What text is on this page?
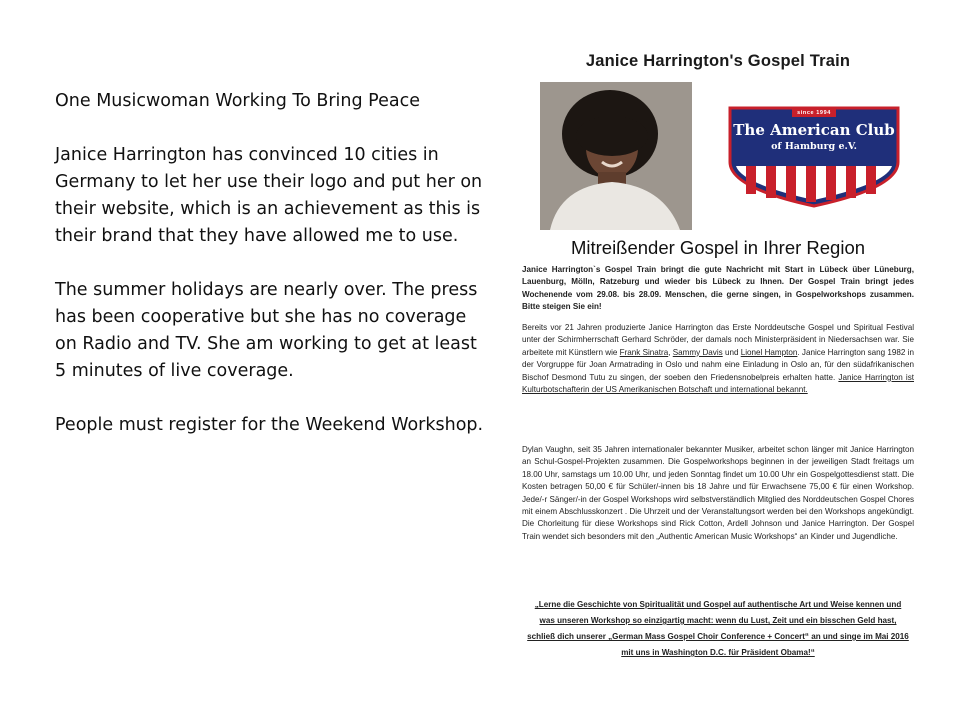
One Musicwoman Working To Bring Peace

Janice Harrington has convinced 10 cities in Germany to let her use their logo and put her on their website, which is an achievement as this is their brand that they have allowed me to use.

The summer holidays are nearly over. The press has been cooperative but she has no coverage on Radio and TV. She am working to get at least 5 minutes of live coverage.

People must register for the Weekend Workshop.

Janice Harrington's Gospel Train
since 1994
The American Club
of Hamburg e.V.
Mitreißender Gospel in Ihrer Region

Janice Harrington`s Gospel Train bringt die gute Nachricht mit Start in Lübeck über Lüneburg, Lauenburg, Mölln, Ratzeburg und wieder bis Lübeck zu Ihnen. Der Gospel Train bringt jedes Wochenende vom 29.08. bis 28.09. Menschen, die gerne singen, in Gospelworkshops zusammen. Bitte steigen Sie ein!

Bereits vor 21 Jahren produzierte Janice Harrington das Erste Norddeutsche Gospel und Spiritual Festival unter der Schirmherrschaft Gerhard Schröder, der damals noch Ministerpräsident in Niedersachsen war. Sie arbeitete mit Künstlern wie Frank Sinatra, Sammy Davis und Lionel Hampton. Janice Harrington sang 1982 in der Vorgruppe für Joan Armatrading in Oslo und nahm eine Einladung in Oslo an, für den südafrikanischen Bischof Desmond Tutu zu singen, der soeben den Friedensnobelpreis erhalten hatte. Janice Harrington ist Kulturbotschafterin der US Amerikanischen Botschaft und international bekannt.

Dylan Vaughn, seit 35 Jahren internationaler bekannter Musiker, arbeitet schon länger mit Janice Harrington an Schul-Gospel-Projekten zusammen. Die Gospelworkshops beginnen in der jeweiligen Stadt freitags um 18.00 Uhr, samstags um 10.00 Uhr, und jeden Sonntag findet um 10.00 Uhr ein Gospelgottesdienst statt. Die Kosten betragen 50,00 € für Schüler/-innen bis 18 Jahre und für Erwachsene 75,00 € für einen Workshop. Jede/-r Sänger/-in der Gospel Workshops wird selbstverständlich Mitglied des Norddeutschen Gospel Chores mit einem Abschlusskonzert . Die Uhrzeit und der Veranstaltungsort werden bei den Workshops angekündigt. Die Chorleitung für diese Workshops sind Rick Cotton, Ardell Johnson und Janice Harrington. Der Gospel Train wendet sich besonders mit den „Authentic American Music Workshops“ an Kinder und Jugendliche.

„Lerne die Geschichte von Spiritualität und Gospel auf authentische Art und Weise kennen und was unseren Workshop so einzigartig macht: wenn du Lust, Zeit und ein bisschen Geld hast, schließ dich unserer „German Mass Gospel Choir Conference + Concert“ an und singe im Mai 2016 mit uns in Washington D.C. für Präsident Obama!“
